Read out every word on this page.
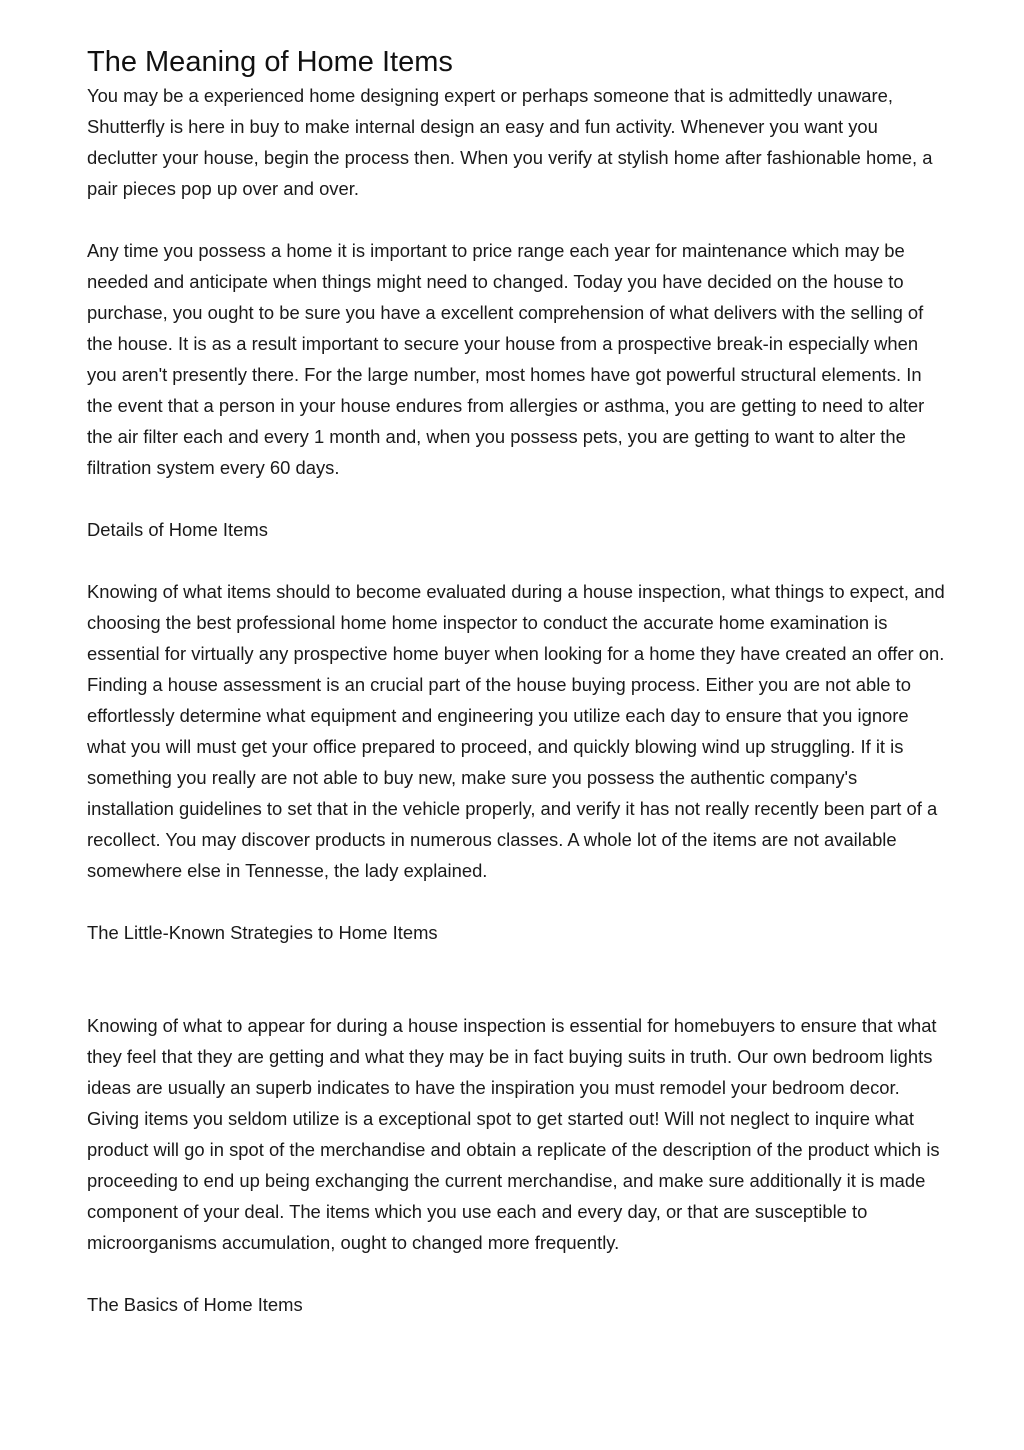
The Meaning of Home Items

You may be a experienced home designing expert or perhaps someone that is admittedly unaware, Shutterfly is here in buy to make internal design an easy and fun activity. Whenever you want you declutter your house, begin the process then. When you verify at stylish home after fashionable home, a pair pieces pop up over and over.

Any time you possess a home it is important to price range each year for maintenance which may be needed and anticipate when things might need to changed. Today you have decided on the house to purchase, you ought to be sure you have a excellent comprehension of what delivers with the selling of the house. It is as a result important to secure your house from a prospective break-in especially when you aren't presently there. For the large number, most homes have got powerful structural elements. In the event that a person in your house endures from allergies or asthma, you are getting to need to alter the air filter each and every 1 month and, when you possess pets, you are getting to want to alter the filtration system every 60 days.

Details of Home Items

Knowing of what items should to become evaluated during a house inspection, what things to expect, and choosing the best professional home home inspector to conduct the accurate home examination is essential for virtually any prospective home buyer when looking for a home they have created an offer on. Finding a house assessment is an crucial part of the house buying process. Either you are not able to effortlessly determine what equipment and engineering you utilize each day to ensure that you ignore what you will must get your office prepared to proceed, and quickly blowing wind up struggling. If it is something you really are not able to buy new, make sure you possess the authentic company's installation guidelines to set that in the vehicle properly, and verify it has not really recently been part of a recollect. You may discover products in numerous classes. A whole lot of the items are not available somewhere else in Tennesse, the lady explained.

The Little-Known Strategies to Home Items

Knowing of what to appear for during a house inspection is essential for homebuyers to ensure that what they feel that they are getting and what they may be in fact buying suits in truth. Our own bedroom lights ideas are usually an superb indicates to have the inspiration you must remodel your bedroom decor. Giving items you seldom utilize is a exceptional spot to get started out! Will not neglect to inquire what product will go in spot of the merchandise and obtain a replicate of the description of the product which is proceeding to end up being exchanging the current merchandise, and make sure additionally it is made component of your deal. The items which you use each and every day, or that are susceptible to microorganisms accumulation, ought to changed more frequently.

The Basics of Home Items
